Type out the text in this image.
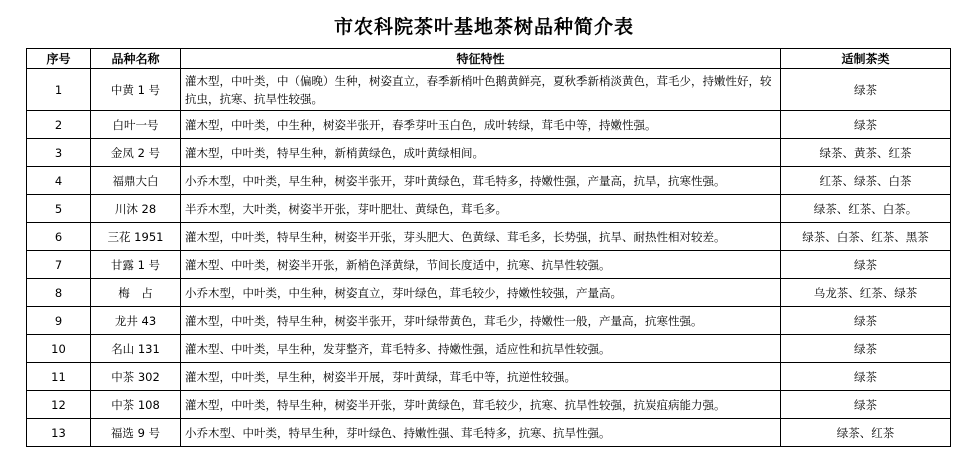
市农科院茶叶基地茶树品种简介表
序号	品种名称	特征特性	适制茶类
1	中黄 1 号	灌木型，中叶类，中（偏晚）生种，树姿直立，春季新梢叶色鹅黄鲜亮，夏秋季新梢淡黄色，茸毛少，持嫩性好，较抗虫，抗寒、抗旱性较强。	绿茶
2	白叶一号	灌木型，中叶类，中生种，树姿半张开，春季芽叶玉白色，成叶转绿，茸毛中等，持嫩性强。	绿茶
3	金凤 2 号	灌木型，中叶类，特早生种，新梢黄绿色，成叶黄绿相间。	绿茶、黄茶、红茶
4	福鼎大白	小乔木型，中叶类，早生种，树姿半张开，芽叶黄绿色，茸毛特多，持嫩性强，产量高，抗旱，抗寒性强。	红茶、绿茶、白茶
5	川沐 28	半乔木型，大叶类，树姿半开张，芽叶肥壮、黄绿色，茸毛多。	绿茶、红茶、白茶。
6	三花 1951	灌木型，中叶类，特早生种，树姿半开张，芽头肥大、色黄绿、茸毛多，长势强，抗旱、耐热性相对较差。	绿茶、白茶、红茶、黑茶
7	甘露 1 号	灌木型、中叶类，树姿半开张，新梢色泽黄绿，节间长度适中，抗寒、抗旱性较强。	绿茶
8	梅　占	小乔木型，中叶类，中生种，树姿直立，芽叶绿色，茸毛较少，持嫩性较强，产量高。	乌龙茶、红茶、绿茶
9	龙井 43	灌木型，中叶类，特早生种，树姿半张开，芽叶绿带黄色，茸毛少，持嫩性一般，产量高，抗寒性强。	绿茶
10	名山 131	灌木型、中叶类，早生种，发芽整齐，茸毛特多、持嫩性强，适应性和抗旱性较强。	绿茶
11	中茶 302	灌木型，中叶类，早生种，树姿半开展，芽叶黄绿，茸毛中等，抗逆性较强。	绿茶
12	中茶 108	灌木型，中叶类，特早生种，树姿半开张，芽叶黄绿色，茸毛较少，抗寒、抗旱性较强，抗炭疽病能力强。	绿茶
13	福选 9 号	小乔木型、中叶类，特早生种，芽叶绿色、持嫩性强、茸毛特多，抗寒、抗旱性强。	绿茶、红茶
